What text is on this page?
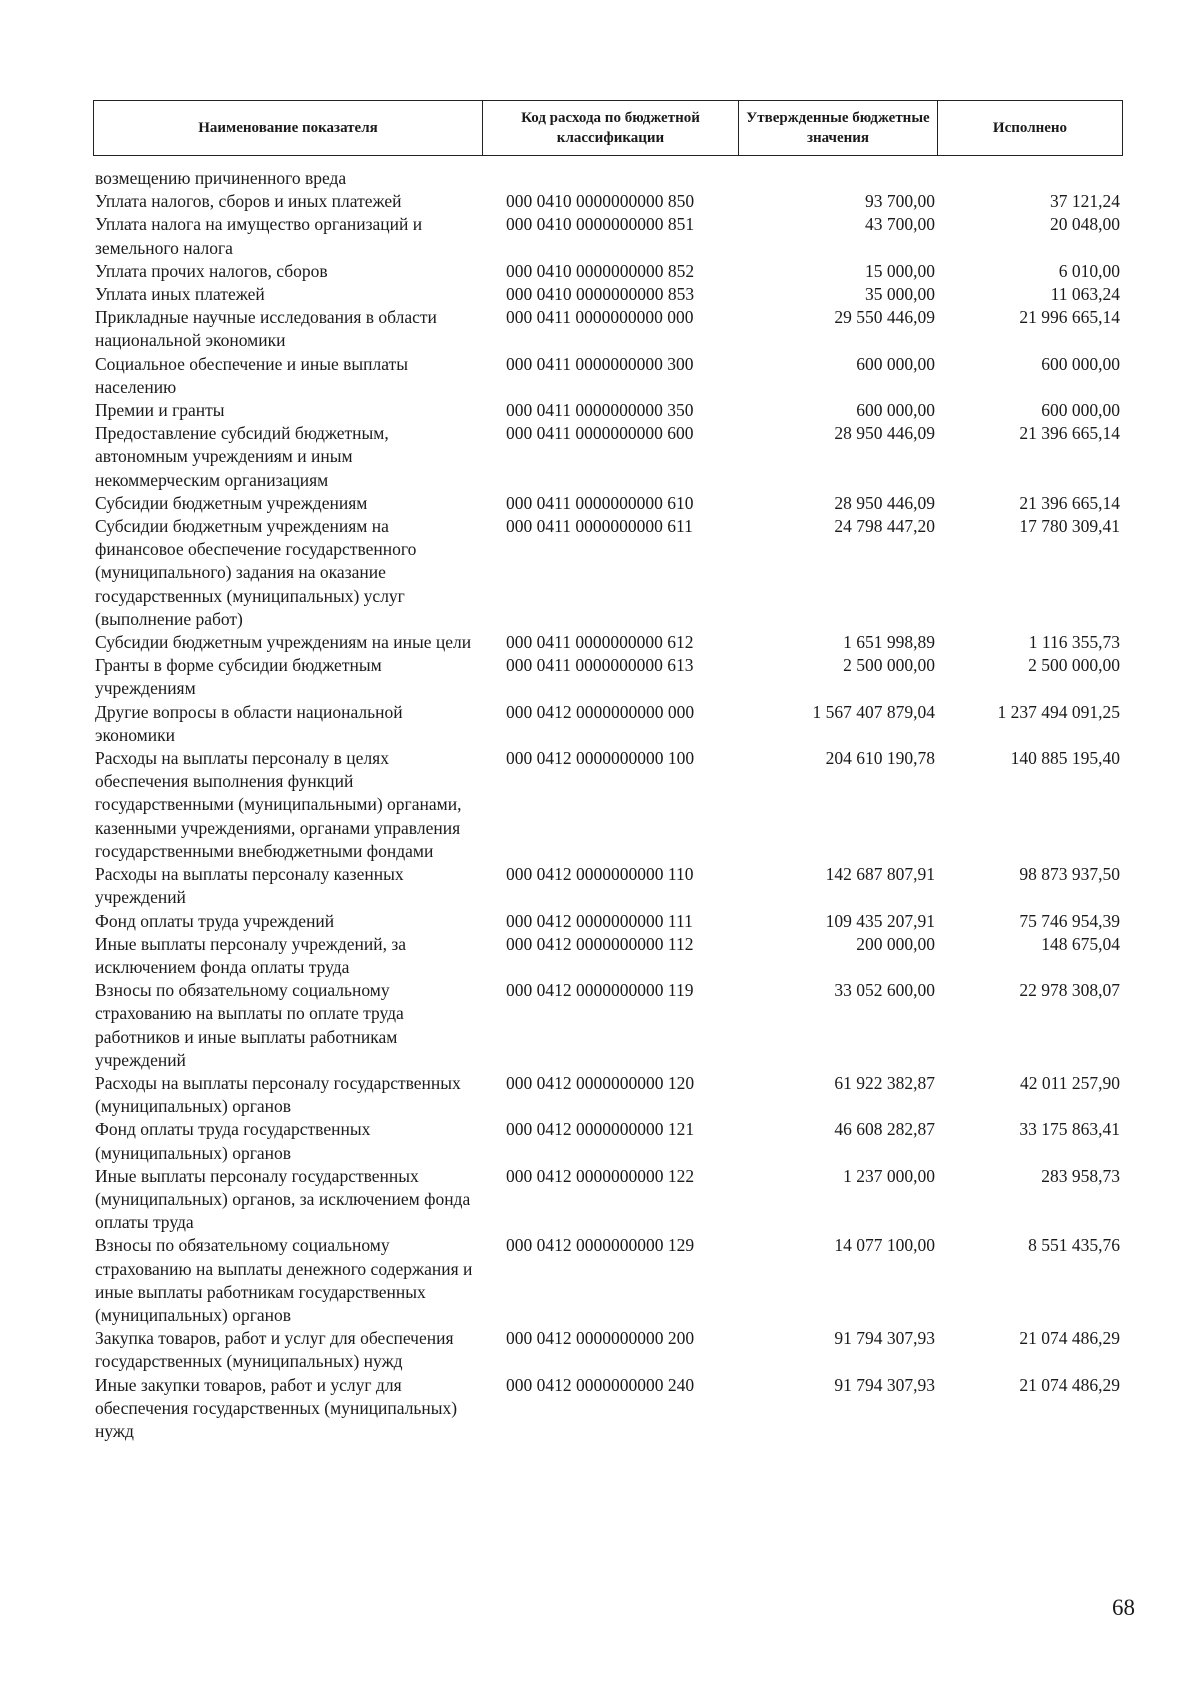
Наименование показателя	Код расхода по бюджетной классификации	Утвержденные бюджетные значения	Исполнено
возмещению причиненного вреда			
Уплата налогов, сборов и иных платежей	000 0410 0000000000 850	93 700,00	37 121,24
Уплата налога на имущество организаций и земельного налога	000 0410 0000000000 851	43 700,00	20 048,00
Уплата прочих налогов, сборов	000 0410 0000000000 852	15 000,00	6 010,00
Уплата иных платежей	000 0410 0000000000 853	35 000,00	11 063,24
Прикладные научные исследования в области национальной экономики	000 0411 0000000000 000	29 550 446,09	21 996 665,14
Социальное обеспечение и иные выплаты населению	000 0411 0000000000 300	600 000,00	600 000,00
Премии и гранты	000 0411 0000000000 350	600 000,00	600 000,00
Предоставление субсидий бюджетным, автономным учреждениям и иным некоммерческим организациям	000 0411 0000000000 600	28 950 446,09	21 396 665,14
Субсидии бюджетным учреждениям	000 0411 0000000000 610	28 950 446,09	21 396 665,14
Субсидии бюджетным учреждениям на финансовое обеспечение государственного (муниципального) задания на оказание государственных (муниципальных) услуг (выполнение работ)	000 0411 0000000000 611	24 798 447,20	17 780 309,41
Субсидии бюджетным учреждениям на иные цели	000 0411 0000000000 612	1 651 998,89	1 116 355,73
Гранты в форме субсидии бюджетным учреждениям	000 0411 0000000000 613	2 500 000,00	2 500 000,00
Другие вопросы в области национальной экономики	000 0412 0000000000 000	1 567 407 879,04	1 237 494 091,25
Расходы на выплаты персоналу в целях обеспечения выполнения функций государственными (муниципальными) органами, казенными учреждениями, органами управления государственными внебюджетными фондами	000 0412 0000000000 100	204 610 190,78	140 885 195,40
Расходы на выплаты персоналу казенных учреждений	000 0412 0000000000 110	142 687 807,91	98 873 937,50
Фонд оплаты труда учреждений	000 0412 0000000000 111	109 435 207,91	75 746 954,39
Иные выплаты персоналу учреждений, за исключением фонда оплаты труда	000 0412 0000000000 112	200 000,00	148 675,04
Взносы по обязательному социальному страхованию на выплаты по оплате труда работников и иные выплаты работникам учреждений	000 0412 0000000000 119	33 052 600,00	22 978 308,07
Расходы на выплаты персоналу государственных (муниципальных) органов	000 0412 0000000000 120	61 922 382,87	42 011 257,90
Фонд оплаты труда государственных (муниципальных) органов	000 0412 0000000000 121	46 608 282,87	33 175 863,41
Иные выплаты персоналу государственных (муниципальных) органов, за исключением фонда оплаты труда	000 0412 0000000000 122	1 237 000,00	283 958,73
Взносы по обязательному социальному страхованию на выплаты денежного содержания и иные выплаты работникам государственных (муниципальных) органов	000 0412 0000000000 129	14 077 100,00	8 551 435,76
Закупка товаров, работ и услуг для обеспечения государственных (муниципальных) нужд	000 0412 0000000000 200	91 794 307,93	21 074 486,29
Иные закупки товаров, работ и услуг для обеспечения государственных (муниципальных) нужд	000 0412 0000000000 240	91 794 307,93	21 074 486,29
68
